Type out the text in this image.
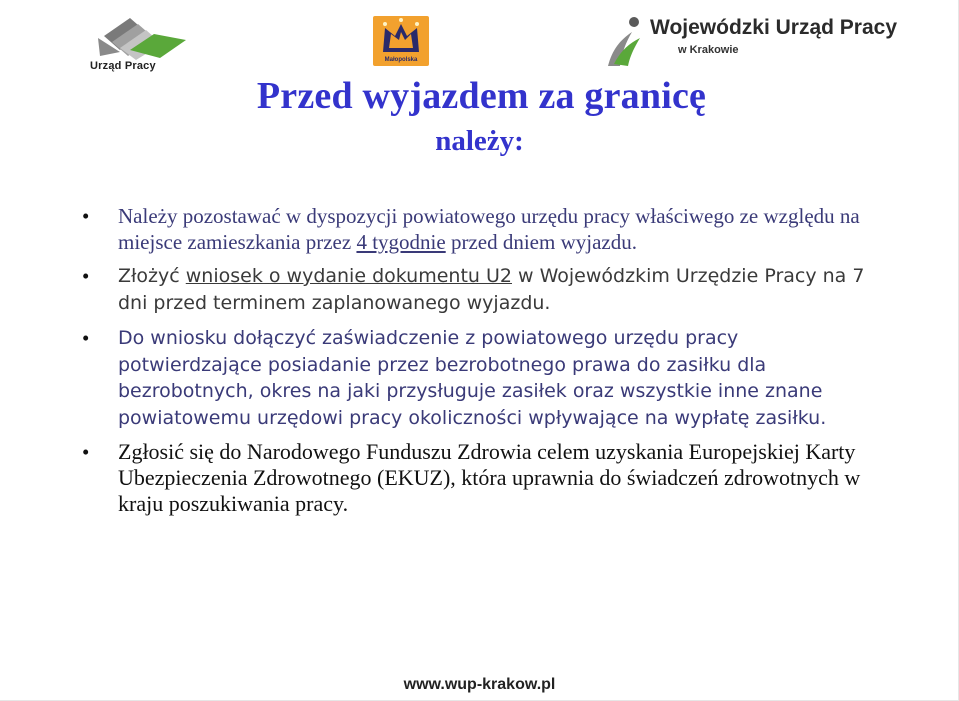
Urząd Pracy	Małopolska
Wojewódzki Urząd Pracy
w Krakowie
Przed wyjazdem za granicę
należy:
• Należy pozostawać w dyspozycji powiatowego urzędu pracy właściwego ze względu na miejsce zamieszkania przez 4 tygodnie przed dniem wyjazdu.
• Złożyć wniosek o wydanie dokumentu U2 w Wojewódzkim Urzędzie Pracy na 7 dni przed terminem zaplanowanego wyjazdu.
• Do wniosku dołączyć zaświadczenie z powiatowego urzędu pracy potwierdzające posiadanie przez bezrobotnego prawa do zasiłku dla bezrobotnych, okres na jaki przysługuje zasiłek oraz wszystkie inne znane powiatowemu urzędowi pracy okoliczności wpływające na wypłatę zasiłku.
• Zgłosić się do Narodowego Funduszu Zdrowia celem uzyskania Europejskiej Karty Ubezpieczenia Zdrowotnego (EKUZ), która uprawnia do świadczeń zdrowotnych w kraju poszukiwania pracy.
www.wup-krakow.pl
